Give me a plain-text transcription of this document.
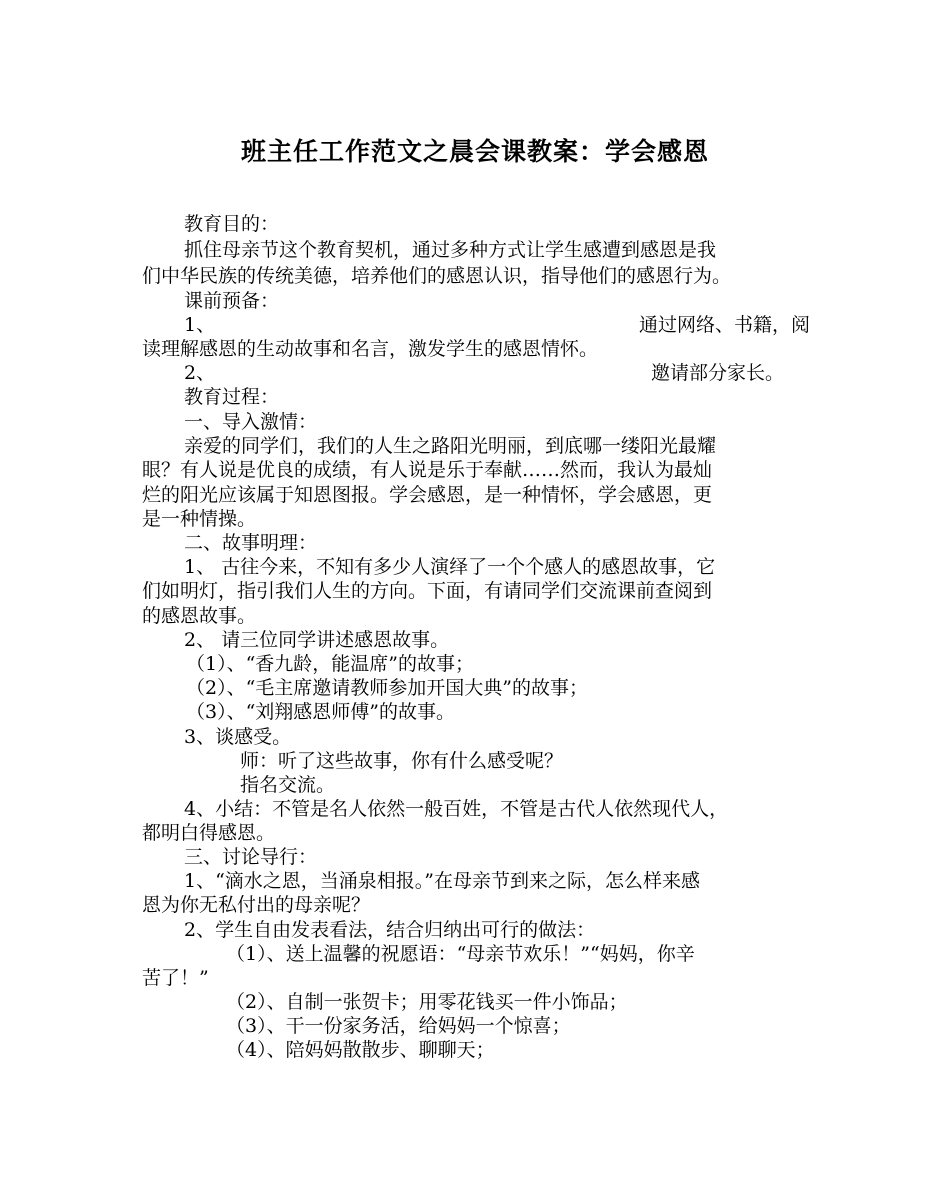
班主任工作范文之晨会课教案：学会感恩
教育目的：
抓住母亲节这个教育契机，通过多种方式让学生感遭到感恩是我
们中华民族的传统美德，培养他们的感恩认识，指导他们的感恩行为。
课前预备：
1、	通过网络、书籍，阅
读理解感恩的生动故事和名言，激发学生的感恩情怀。
2、	邀请部分家长。
教育过程：
一、导入激情：
亲爱的同学们，我们的人生之路阳光明丽，到底哪一缕阳光最耀
眼？有人说是优良的成绩，有人说是乐于奉献……然而，我认为最灿
烂的阳光应该属于知恩图报。学会感恩，是一种情怀，学会感恩，更
是一种情操。
二、故事明理：
1、 古往今来，不知有多少人演绎了一个个感人的感恩故事，它
们如明灯，指引我们人生的方向。下面，有请同学们交流课前查阅到
的感恩故事。
2、 请三位同学讲述感恩故事。
（1）、“香九龄，能温席”的故事；
（2）、“毛主席邀请教师参加开国大典”的故事；
（3）、“刘翔感恩师傅”的故事。
3、谈感受。
师：听了这些故事，你有什么感受呢？
指名交流。
4、小结：不管是名人依然一般百姓，不管是古代人依然现代人，
都明白得感恩。
三、讨论导行：
1、“滴水之恩，当涌泉相报。”在母亲节到来之际，怎么样来感
恩为你无私付出的母亲呢？
2、学生自由发表看法，结合归纳出可行的做法：
（1）、送上温馨的祝愿语：“母亲节欢乐！”“妈妈，你辛
苦了！”
（2）、自制一张贺卡；用零花钱买一件小饰品；
（3）、干一份家务活，给妈妈一个惊喜；
（4）、陪妈妈散散步、聊聊天；
